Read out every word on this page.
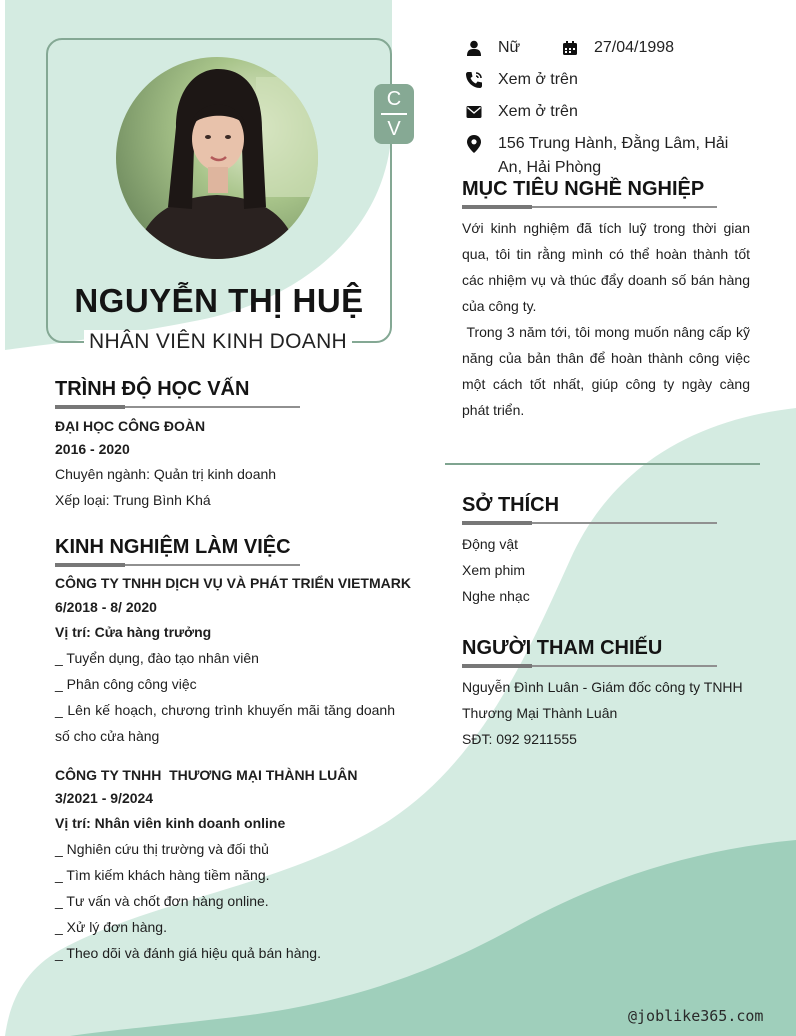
C
V
NGUYỄN THỊ HUỆ
NHÂN VIÊN KINH DOANH
Nữ	27/04/1998
Xem ở trên
Xem ở trên
156 Trung Hành, Đằng Lâm, Hải
An, Hải Phòng
MỤC TIÊU NGHỀ NGHIỆP
Với kinh nghiệm đã tích luỹ trong thời gian qua, tôi tin rằng mình có thể hoàn thành tốt các nhiệm vụ và thúc đẩy doanh số bán hàng của công ty.
Trong 3 năm tới, tôi mong muốn nâng cấp kỹ năng của bản thân để hoàn thành công việc một cách tốt nhất, giúp công ty ngày càng phát triển.
SỞ THÍCH
Động vật
Xem phim
Nghe nhạc
NGƯỜI THAM CHIẾU
Nguyễn Đình Luân - Giám đốc công ty TNHH
Thương Mại Thành Luân
SĐT: 092 9211555
TRÌNH ĐỘ HỌC VẤN
ĐẠI HỌC CÔNG ĐOÀN
2016 - 2020
Chuyên ngành: Quản trị kinh doanh
Xếp loại: Trung Bình Khá
KINH NGHIỆM LÀM VIỆC
CÔNG TY TNHH DỊCH VỤ VÀ PHÁT TRIỂN VIETMARK
6/2018 - 8/ 2020
Vị trí: Cửa hàng trưởng
_ Tuyển dụng, đào tạo nhân viên
_ Phân công công việc
_ Lên kế hoạch, chương trình khuyến mãi tăng doanh số cho cửa hàng
CÔNG TY TNHH  THƯƠNG MẠI THÀNH LUÂN
3/2021 - 9/2024
Vị trí: Nhân viên kinh doanh online
_ Nghiên cứu thị trường và đối thủ
_ Tìm kiếm khách hàng tiềm năng.
_ Tư vấn và chốt đơn hàng online.
_ Xử lý đơn hàng.
_ Theo dõi và đánh giá hiệu quả bán hàng.
@joblike365.com
